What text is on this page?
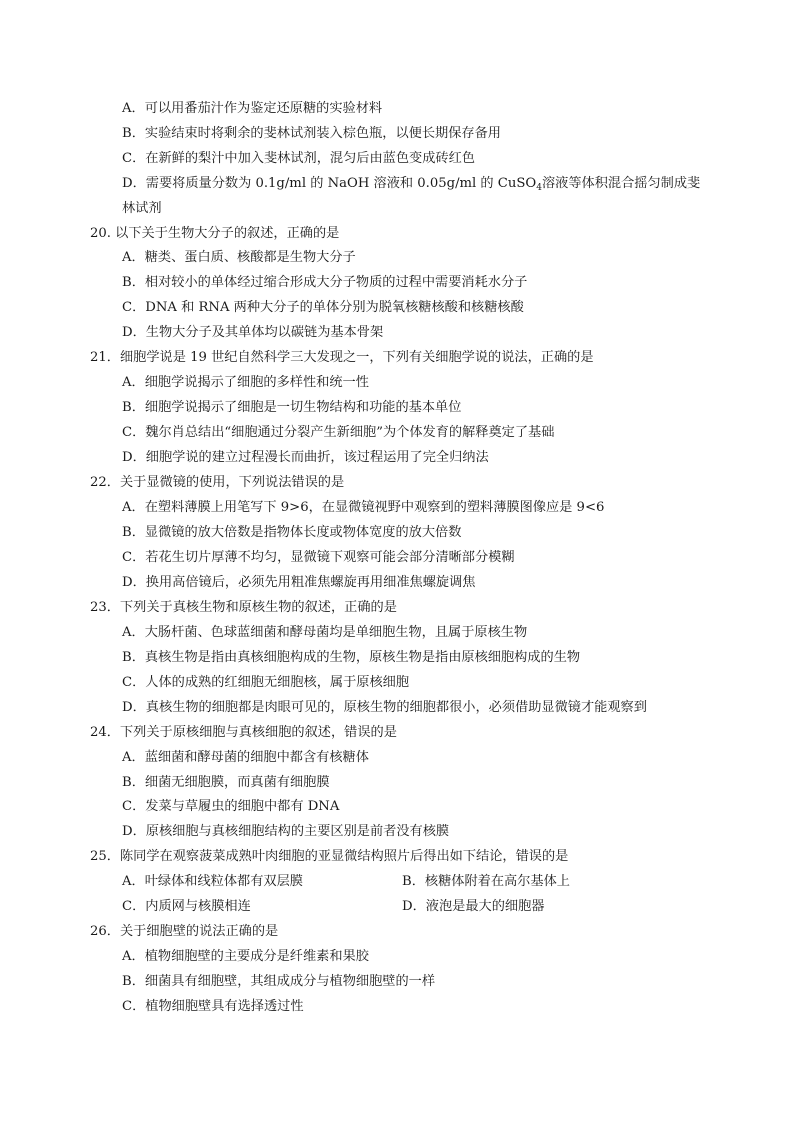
A．可以用番茄汁作为鉴定还原糖的实验材料
B．实验结束时将剩余的斐林试剂装入棕色瓶，以便长期保存备用
C．在新鲜的梨汁中加入斐林试剂，混匀后由蓝色变成砖红色
D．需要将质量分数为 0.1g/ml 的 NaOH 溶液和 0.05g/ml 的 CuSO$_4$溶液等体积混合摇匀制成斐
林试剂
20. 以下关于生物大分子的叙述，正确的是
A．糖类、蛋白质、核酸都是生物大分子
B．相对较小的单体经过缩合形成大分子物质的过程中需要消耗水分子
C．DNA 和 RNA 两种大分子的单体分别为脱氧核糖核酸和核糖核酸
D．生物大分子及其单体均以碳链为基本骨架
21．细胞学说是 19 世纪自然科学三大发现之一，下列有关细胞学说的说法，正确的是
A．细胞学说揭示了细胞的多样性和统一性
B．细胞学说揭示了细胞是一切生物结构和功能的基本单位
C．魏尔肖总结出“细胞通过分裂产生新细胞”为个体发育的解释奠定了基础
D．细胞学说的建立过程漫长而曲折，该过程运用了完全归纳法
22．关于显微镜的使用，下列说法错误的是
A．在塑料薄膜上用笔写下 9>6，在显微镜视野中观察到的塑料薄膜图像应是 9<6
B．显微镜的放大倍数是指物体长度或物体宽度的放大倍数
C．若花生切片厚薄不均匀，显微镜下观察可能会部分清晰部分模糊
D．换用高倍镜后，必须先用粗准焦螺旋再用细准焦螺旋调焦
23．下列关于真核生物和原核生物的叙述，正确的是
A．大肠杆菌、色球蓝细菌和酵母菌均是单细胞生物，且属于原核生物
B．真核生物是指由真核细胞构成的生物，原核生物是指由原核细胞构成的生物
C．人体的成熟的红细胞无细胞核，属于原核细胞
D．真核生物的细胞都是肉眼可见的，原核生物的细胞都很小，必须借助显微镜才能观察到
24．下列关于原核细胞与真核细胞的叙述，错误的是
A．蓝细菌和酵母菌的细胞中都含有核糖体
B．细菌无细胞膜，而真菌有细胞膜
C．发菜与草履虫的细胞中都有 DNA
D．原核细胞与真核细胞结构的主要区别是前者没有核膜
25．陈同学在观察菠菜成熟叶肉细胞的亚显微结构照片后得出如下结论，错误的是
A．叶绿体和线粒体都有双层膜	B．核糖体附着在高尔基体上
C．内质网与核膜相连	D．液泡是最大的细胞器
26．关于细胞壁的说法正确的是
A．植物细胞壁的主要成分是纤维素和果胶
B．细菌具有细胞壁，其组成成分与植物细胞壁的一样
C．植物细胞壁具有选择透过性
